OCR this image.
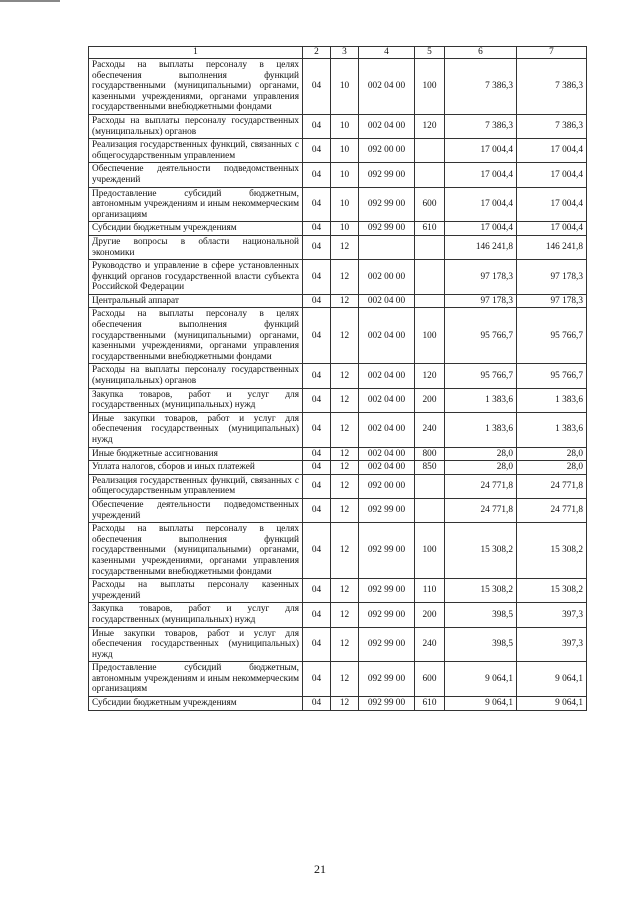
1	2	3	4	5	6	7
Расходы на выплаты персоналу в целях обеспечения выполнения функций государственными (муниципальными) органами, казенными учреждениями, органами управления государственными внебюджетными фондами	04	10	002 04 00	100	7 386,3	7 386,3
Расходы на выплаты персоналу государственных (муниципальных) органов	04	10	002 04 00	120	7 386,3	7 386,3
Реализация государственных функций, связанных с общегосударственным управлением	04	10	092 00 00		17 004,4	17 004,4
Обеспечение деятельности подведомственных учреждений	04	10	092 99 00		17 004,4	17 004,4
Предоставление субсидий бюджетным, автономным учреждениям и иным некоммерческим организациям	04	10	092 99 00	600	17 004,4	17 004,4
Субсидии бюджетным учреждениям	04	10	092 99 00	610	17 004,4	17 004,4
Другие вопросы в области национальной экономики	04	12			146 241,8	146 241,8
Руководство и управление в сфере установленных функций органов государственной власти субъекта Российской Федерации	04	12	002 00 00		97 178,3	97 178,3
Центральный аппарат	04	12	002 04 00		97 178,3	97 178,3
Расходы на выплаты персоналу в целях обеспечения выполнения функций государственными (муниципальными) органами, казенными учреждениями, органами управления государственными внебюджетными фондами	04	12	002 04 00	100	95 766,7	95 766,7
Расходы на выплаты персоналу государственных (муниципальных) органов	04	12	002 04 00	120	95 766,7	95 766,7
Закупка товаров, работ и услуг для государственных (муниципальных) нужд	04	12	002 04 00	200	1 383,6	1 383,6
Иные закупки товаров, работ и услуг для обеспечения государственных (муниципальных) нужд	04	12	002 04 00	240	1 383,6	1 383,6
Иные бюджетные ассигнования	04	12	002 04 00	800	28,0	28,0
Уплата налогов, сборов и иных платежей	04	12	002 04 00	850	28,0	28,0
Реализация государственных функций, связанных с общегосударственным управлением	04	12	092 00 00		24 771,8	24 771,8
Обеспечение деятельности подведомственных учреждений	04	12	092 99 00		24 771,8	24 771,8
Расходы на выплаты персоналу в целях обеспечения выполнения функций государственными (муниципальными) органами, казенными учреждениями, органами управления государственными внебюджетными фондами	04	12	092 99 00	100	15 308,2	15 308,2
Расходы на выплаты персоналу казенных учреждений	04	12	092 99 00	110	15 308,2	15 308,2
Закупка товаров, работ и услуг для государственных (муниципальных) нужд	04	12	092 99 00	200	398,5	397,3
Иные закупки товаров, работ и услуг для обеспечения государственных (муниципальных) нужд	04	12	092 99 00	240	398,5	397,3
Предоставление субсидий бюджетным, автономным учреждениям и иным некоммерческим организациям	04	12	092 99 00	600	9 064,1	9 064,1
Субсидии бюджетным учреждениям	04	12	092 99 00	610	9 064,1	9 064,1
21
